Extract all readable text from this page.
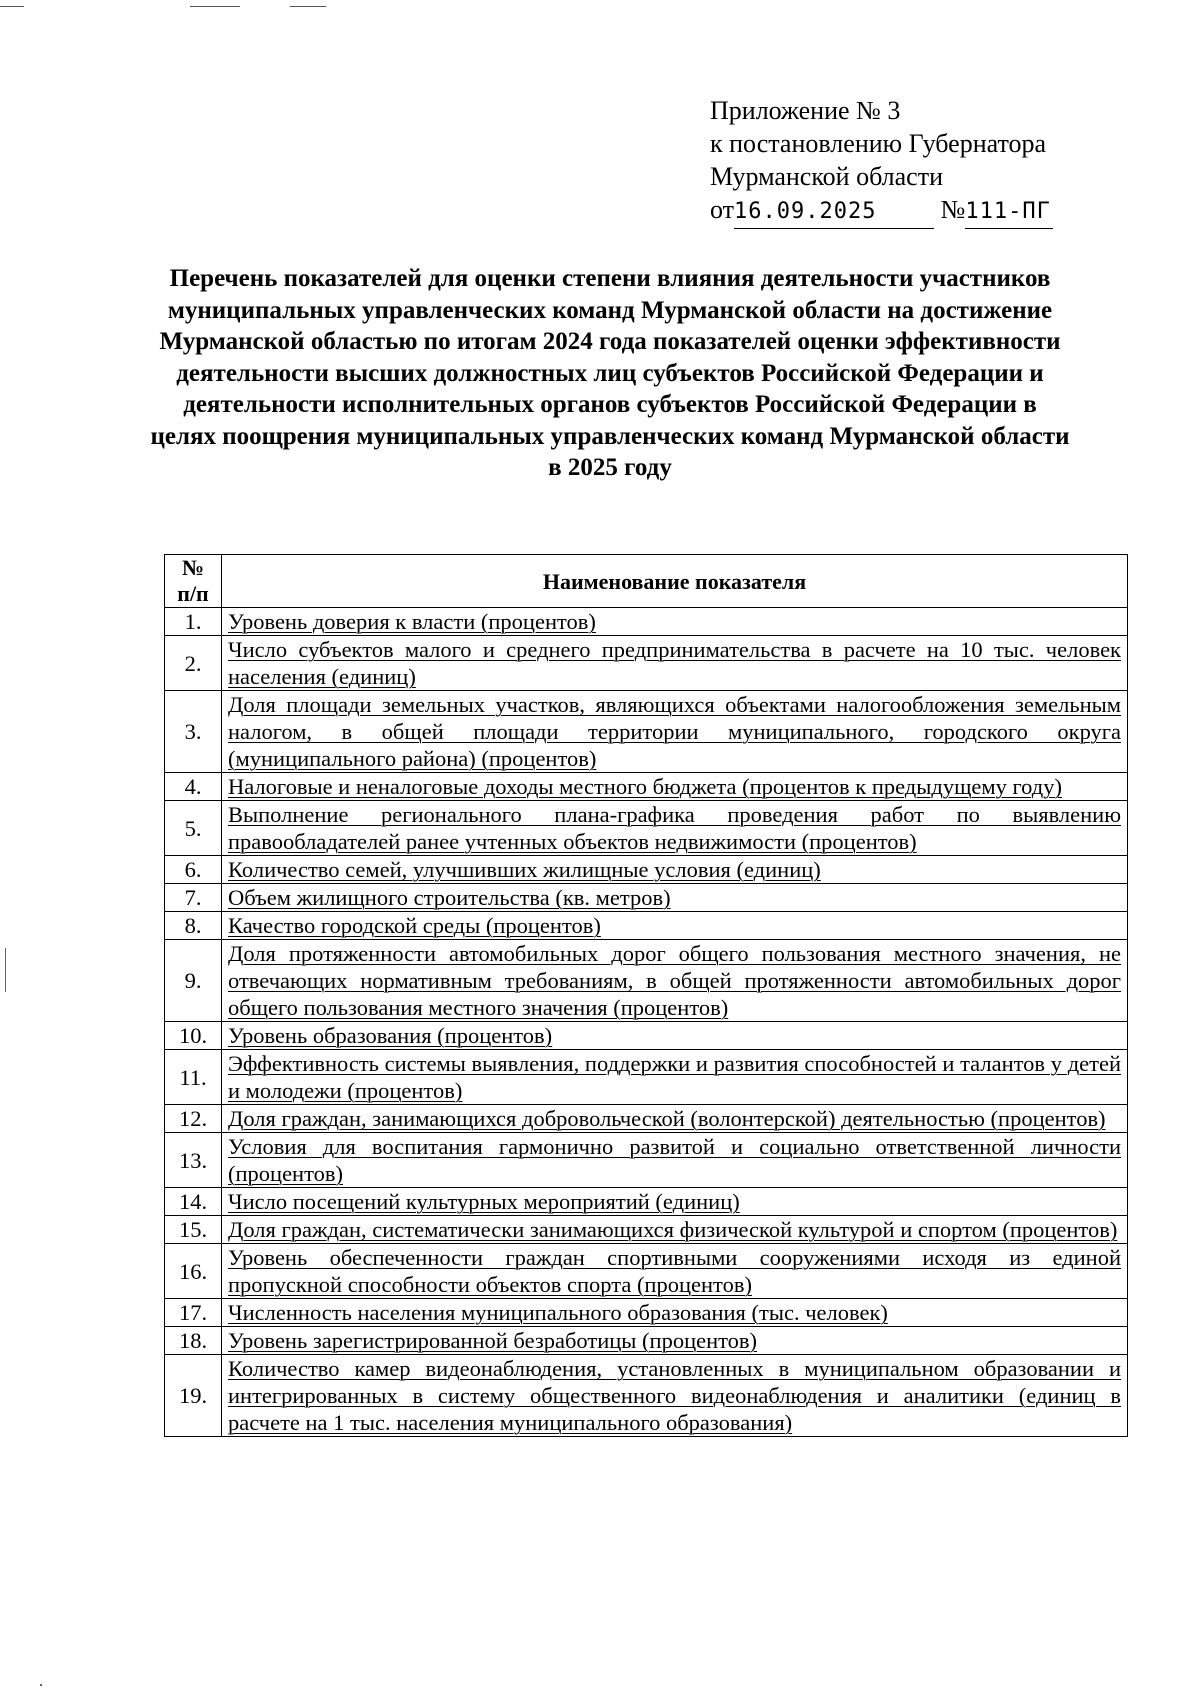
Приложение № 3
к постановлению Губернатора
Мурманской области
от16.09.2025 №111-ПГ
Перечень показателей для оценки степени влияния деятельности участников муниципальных управленческих команд Мурманской области на достижение Мурманской областью по итогам 2024 года показателей оценки эффективности деятельности высших должностных лиц субъектов Российской Федерации и деятельности исполнительных органов субъектов Российской Федерации в целях поощрения муниципальных управленческих команд Мурманской области в 2025 году
№ п/п	Наименование показателя
1.	Уровень доверия к власти (процентов)
2.	Число субъектов малого и среднего предпринимательства в расчете на 10 тыс. человек населения (единиц)
3.	Доля площади земельных участков, являющихся объектами налогообложения земельным налогом, в общей площади территории муниципального, городского округа (муниципального района) (процентов)
4.	Налоговые и неналоговые доходы местного бюджета (процентов к предыдущему году)
5.	Выполнение регионального плана-графика проведения работ по выявлению правообладателей ранее учтенных объектов недвижимости (процентов)
6.	Количество семей, улучшивших жилищные условия (единиц)
7.	Объем жилищного строительства (кв. метров)
8.	Качество городской среды (процентов)
9.	Доля протяженности автомобильных дорог общего пользования местного значения, не отвечающих нормативным требованиям, в общей протяженности автомобильных дорог общего пользования местного значения (процентов)
10.	Уровень образования (процентов)
11.	Эффективность системы выявления, поддержки и развития способностей и талантов у детей и молодежи (процентов)
12.	Доля граждан, занимающихся добровольческой (волонтерской) деятельностью (процентов)
13.	Условия для воспитания гармонично развитой и социально ответственной личности (процентов)
14.	Число посещений культурных мероприятий (единиц)
15.	Доля граждан, систематически занимающихся физической культурой и спортом (процентов)
16.	Уровень обеспеченности граждан спортивными сооружениями исходя из единой пропускной способности объектов спорта (процентов)
17.	Численность населения муниципального образования (тыс. человек)
18.	Уровень зарегистрированной безработицы (процентов)
19.	Количество камер видеонаблюдения, установленных в муниципальном образовании и интегрированных в систему общественного видеонаблюдения и аналитики (единиц в расчете на 1 тыс. населения муниципального образования)
